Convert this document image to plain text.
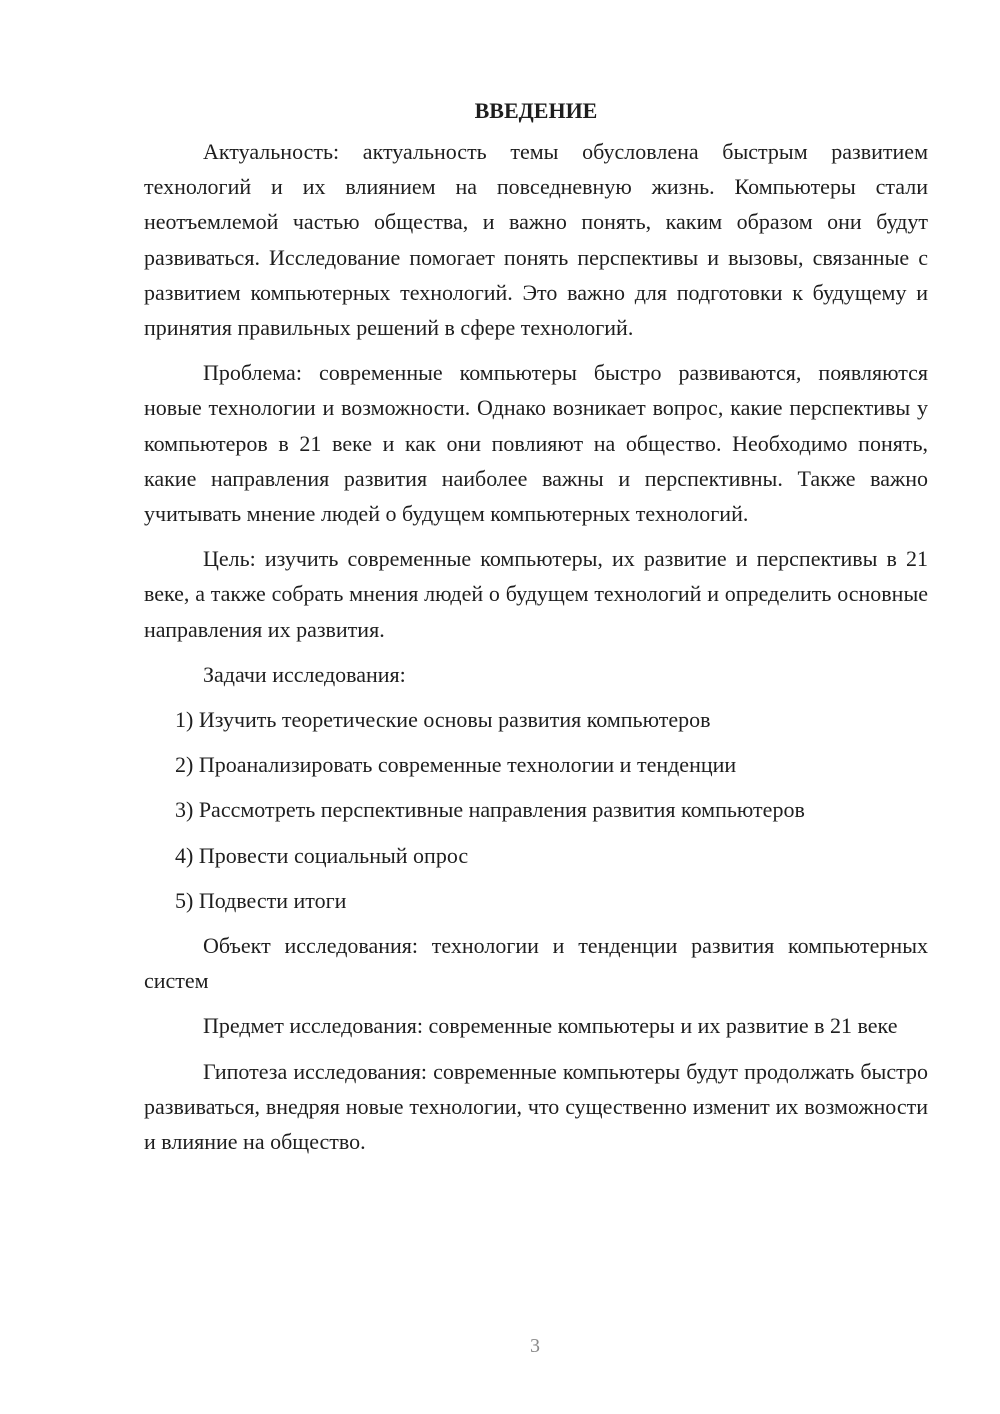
ВВЕДЕНИЕ

Актуальность: актуальность темы обусловлена быстрым развитием технологий и их влиянием на повседневную жизнь. Компьютеры стали неотъемлемой частью общества, и важно понять, каким образом они будут развиваться. Исследование помогает понять перспективы и вызовы, связанные с развитием компьютерных технологий. Это важно для подготовки к будущему и принятия правильных решений в сфере технологий.

Проблема: современные компьютеры быстро развиваются, появляются новые технологии и возможности. Однако возникает вопрос, какие перспективы у компьютеров в 21 веке и как они повлияют на общество. Необходимо понять, какие направления развития наиболее важны и перспективны. Также важно учитывать мнение людей о будущем компьютерных технологий.

Цель: изучить современные компьютеры, их развитие и перспективы в 21 веке, а также собрать мнения людей о будущем технологий и определить основные направления их развития.

Задачи исследования:

1) Изучить теоретические основы развития компьютеров
2) Проанализировать современные технологии и тенденции
3) Рассмотреть перспективные направления развития компьютеров
4) Провести социальный опрос
5) Подвести итоги

Объект исследования: технологии и тенденции развития компьютерных систем

Предмет исследования: современные компьютеры и их развитие в 21 веке

Гипотеза исследования: современные компьютеры будут продолжать быстро развиваться, внедряя новые технологии, что существенно изменит их возможности и влияние на общество.

3
